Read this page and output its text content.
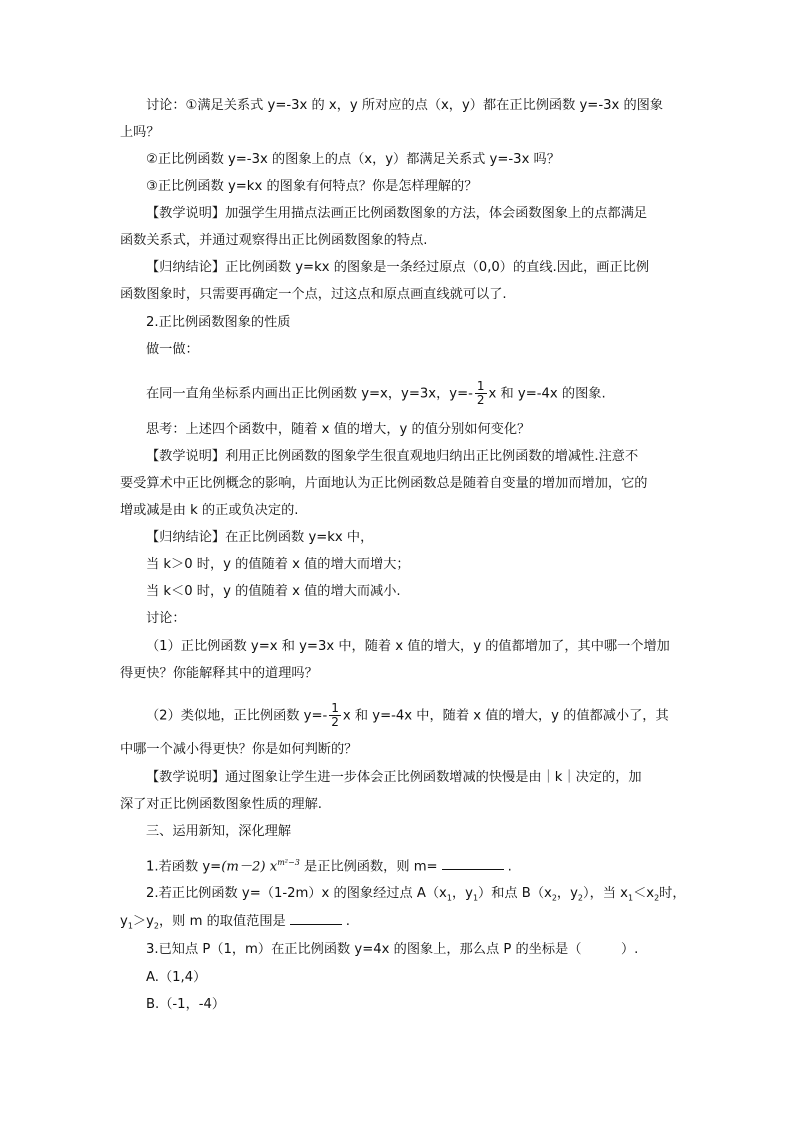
讨论：①满足关系式 y=-3x 的 x，y 所对应的点（x，y）都在正比例函数 y=-3x 的图象
上吗？
②正比例函数 y=-3x 的图象上的点（x，y）都满足关系式 y=-3x 吗？
③正比例函数 y=kx 的图象有何特点？你是怎样理解的？
【教学说明】加强学生用描点法画正比例函数图象的方法，体会函数图象上的点都满足
函数关系式，并通过观察得出正比例函数图象的特点.
【归纳结论】正比例函数 y=kx 的图象是一条经过原点（0,0）的直线.因此，画正比例
函数图象时，只需要再确定一个点，过这点和原点画直线就可以了.
2.正比例函数图象的性质
做一做：
在同一直角坐标系内画出正比例函数 y=x，y=3x，$y=- \frac{1}{2}$ x 和 y=-4x 的图象.
思考：上述四个函数中，随着 x 值的增大，y 的值分别如何变化？
【教学说明】利用正比例函数的图象学生很直观地归纳出正比例函数的增减性.注意不
要受算术中正比例概念的影响，片面地认为正比例函数总是随着自变量的增加而增加，它的
增或减是由 k 的正或负决定的.
【归纳结论】在正比例函数 y=kx 中，
当 k＞0 时，y 的值随着 x 值的增大而增大；
当 k＜0 时，y 的值随着 x 值的增大而减小.
讨论：
（1）正比例函数 y=x 和 y=3x 中，随着 x 值的增大，y 的值都增加了，其中哪一个增加
得更快？你能解释其中的道理吗？
（2）类似地，正比例函数 $y=- \frac{1}{2}$ x 和 y=-4x 中，随着 x 值的增大，y 的值都减小了，其
中哪一个减小得更快？你是如何判断的？
【教学说明】通过图象让学生进一步体会正比例函数增减的快慢是由｜k｜决定的，加
深了对正比例函数图象性质的理解.
三、运用新知，深化理解
1.若函数 y=(m－2) $x^{m^2-3}$ 是正比例函数，则 m=	.
2.若正比例函数 y=（1-2m）x 的图象经过点 $A(x_1$，$y_1$）和点 $B(x_2$，$y_2$），当 $x_1<x_2$时，
$y_1>y_2$，则 m 的取值范围是	.
3.已知点 P（1，m）在正比例函数 y=4x 的图象上，那么点 P 的坐标是（　　　）.
A.（1,4）
B.（-1，-4）
